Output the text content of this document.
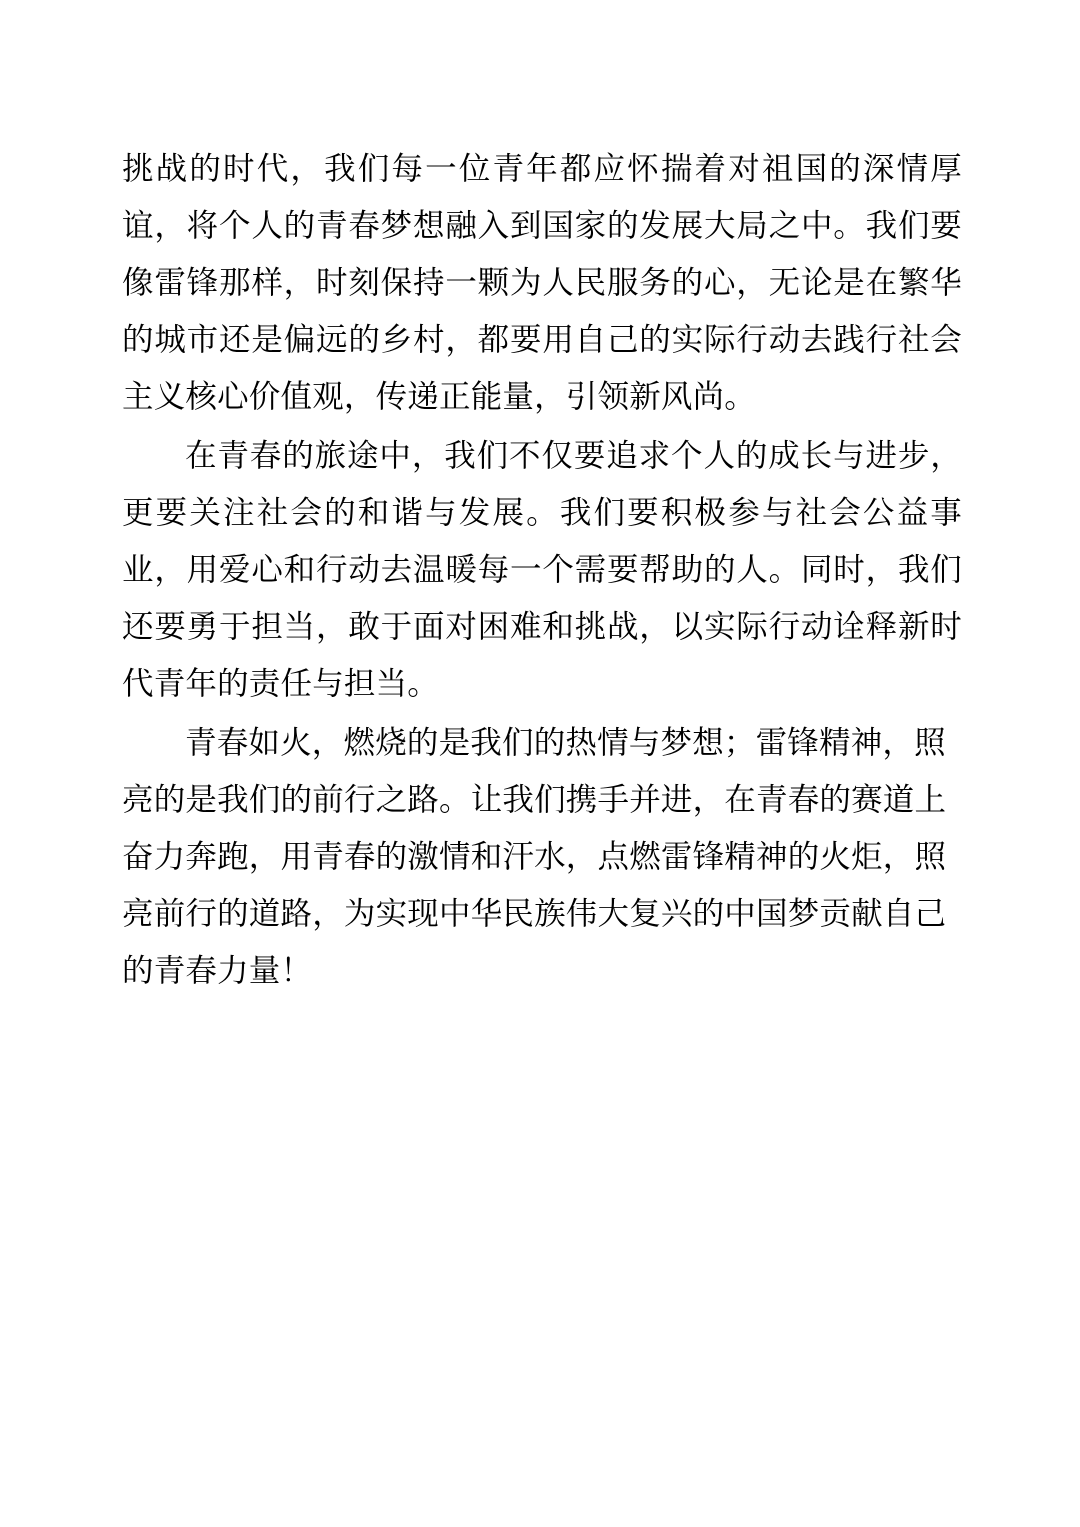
挑战的时代，我们每一位青年都应怀揣着对祖国的深情厚谊，将个人的青春梦想融入到国家的发展大局之中。我们要像雷锋那样，时刻保持一颗为人民服务的心，无论是在繁华的城市还是偏远的乡村，都要用自己的实际行动去践行社会主义核心价值观，传递正能量，引领新风尚。

在青春的旅途中，我们不仅要追求个人的成长与进步，更要关注社会的和谐与发展。我们要积极参与社会公益事业，用爱心和行动去温暖每一个需要帮助的人。同时，我们还要勇于担当，敢于面对困难和挑战，以实际行动诠释新时代青年的责任与担当。

青春如火，燃烧的是我们的热情与梦想；雷锋精神，照亮的是我们的前行之路。让我们携手并进，在青春的赛道上奋力奔跑，用青春的激情和汗水，点燃雷锋精神的火炬，照亮前行的道路，为实现中华民族伟大复兴的中国梦贡献自己的青春力量！
